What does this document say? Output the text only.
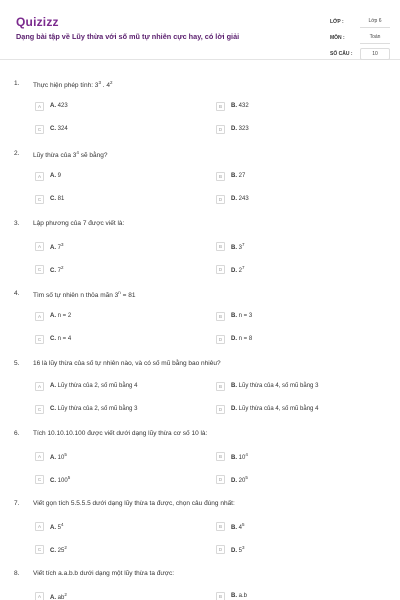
Quizizz
Dạng bài tập về Lũy thừa với số mũ tự nhiên cực hay, có lời giải
LỚP :	Lớp 6
MÔN :	Toán
SỐ CÂU :	10
1. Thực hiện phép tính: $3^3$ . $4^2$
A	A. 423	B	B. 432
C	C. 324	D	D. 323
2. Lũy thừa của $3^4$ sẽ bằng?
A	A. 9	B	B. 27
C	C. 81	D	D. 243
3. Lập phương của 7 được viết là:
A	A. $7^3$	B	B. $3^7$
C	C. $7^2$	D	D. $2^7$
4. Tìm số tự nhiên n thỏa mãn $3^n = 81$
A	A. n = 2	B	B. n = 3
C	C. n = 4	D	D. n = 8
5. 16 là lũy thừa của số tự nhiên nào, và có số mũ bằng bao nhiêu?
A	A. Lũy thừa của 2, số mũ bằng 4	B	B. Lũy thừa của 4, số mũ bằng 3
C	C. Lũy thừa của 2, số mũ bằng 3	D	D. Lũy thừa của 4, số mũ bằng 4
6. Tích 10.10.10.100 được viết dưới dạng lũy thừa cơ số 10 là:
A	A. $10^5$	B	B. $10^4$
C	C. $100^5$	D	D. $20^5$
7. Viết gọn tích 5.5.5.5 dưới dạng lũy thừa ta được, chọn câu đúng nhất:
A	A. $5^4$	B	B. $4^5$
C	C. $25^2$	D	D. $5^3$
8. Viết tích a.a.b.b dưới dạng một lũy thừa ta được:
A	A. $ab^2$	B	B. a.b
